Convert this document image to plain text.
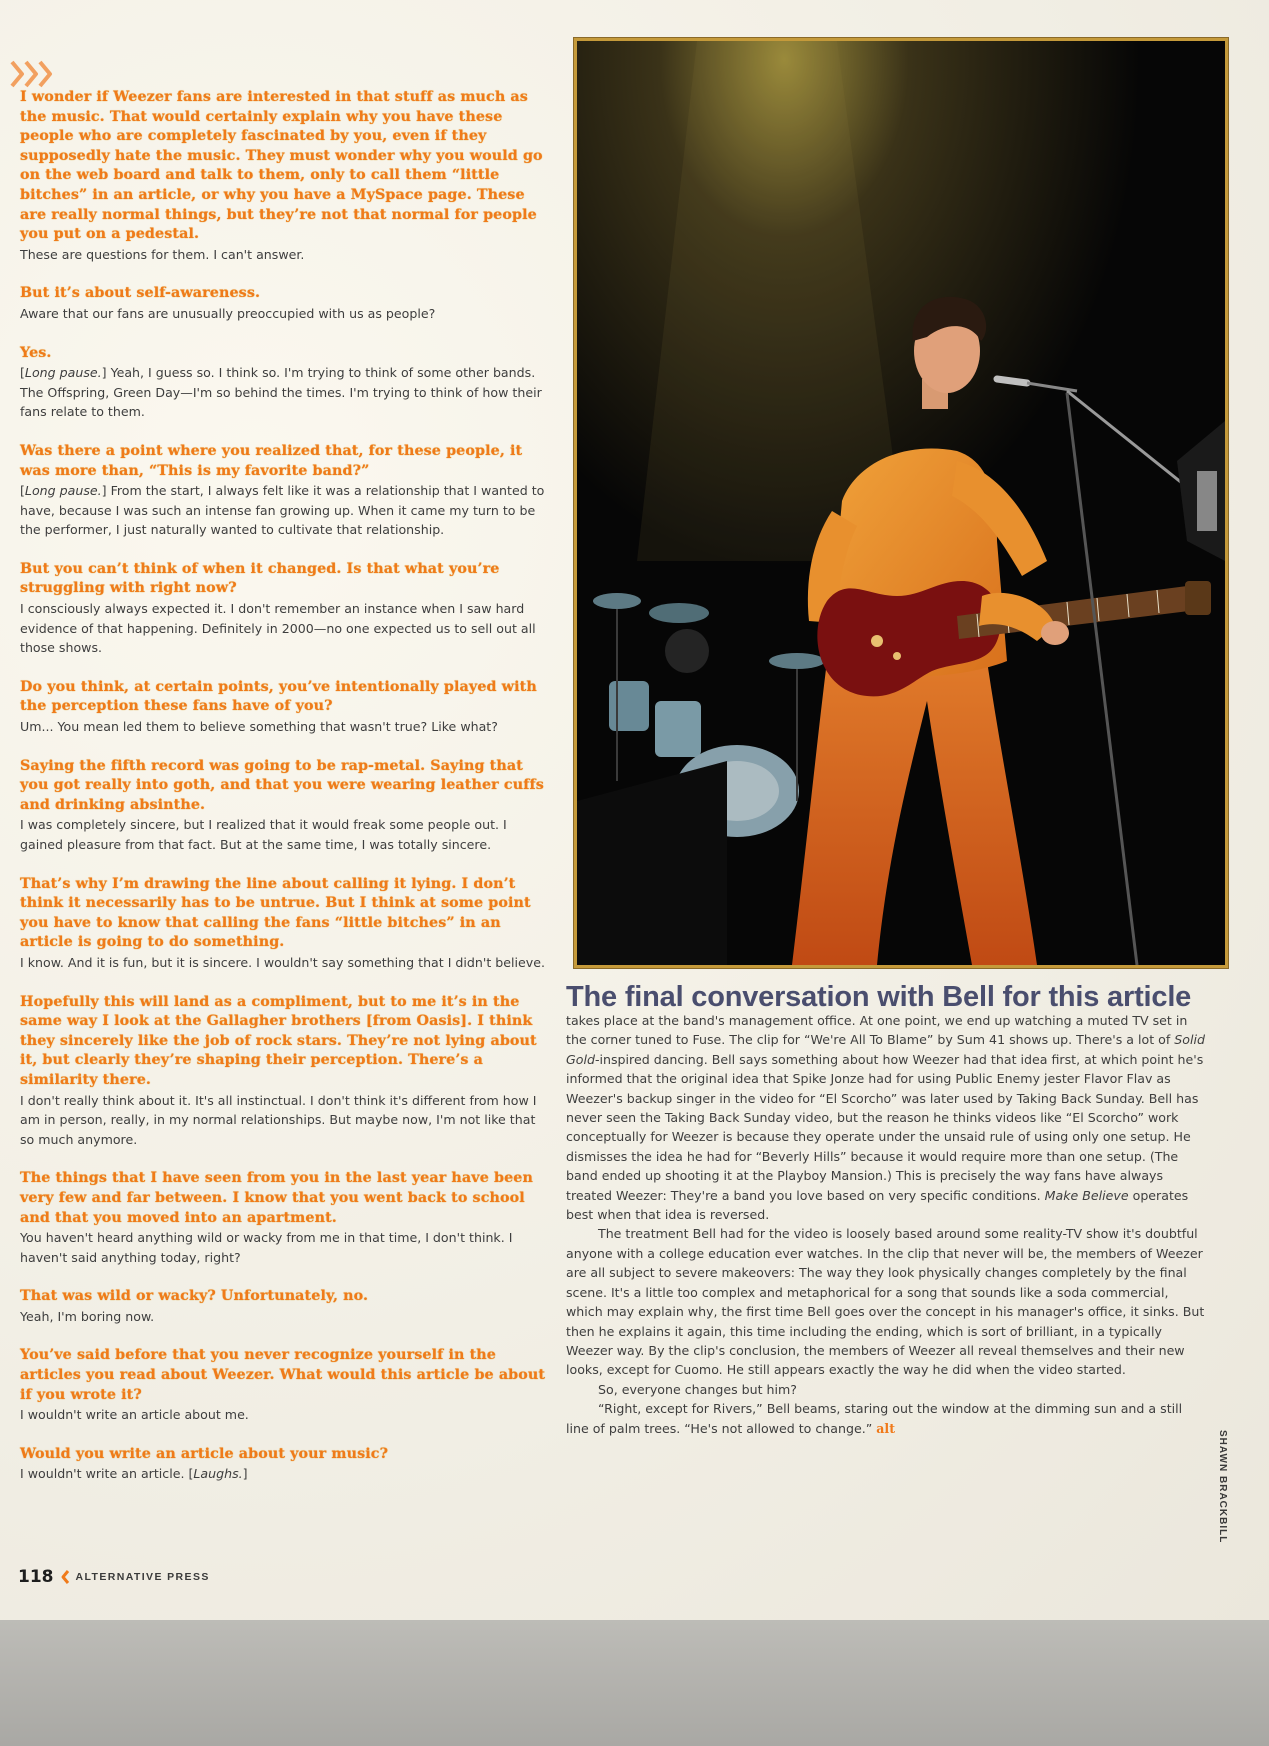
I wonder if Weezer fans are interested in that stuff as much as the music. That would certainly explain why you have these people who are completely fascinated by you, even if they supposedly hate the music. They must wonder why you would go on the web board and talk to them, only to call them “little bitches” in an article, or why you have a MySpace page. These are really normal things, but they’re not that normal for people you put on a pedestal.

These are questions for them. I can't answer.

But it’s about self-awareness.

Aware that our fans are unusually preoccupied with us as people?

Yes.

[Long pause.] Yeah, I guess so. I think so. I'm trying to think of some other bands. The Offspring, Green Day—I'm so behind the times. I'm trying to think of how their fans relate to them.

Was there a point where you realized that, for these people, it was more than, “This is my favorite band?”

[Long pause.] From the start, I always felt like it was a relationship that I wanted to have, because I was such an intense fan growing up. When it came my turn to be the performer, I just naturally wanted to cultivate that relationship.

But you can’t think of when it changed. Is that what you’re struggling with right now?

I consciously always expected it. I don't remember an instance when I saw hard evidence of that happening. Definitely in 2000—no one expected us to sell out all those shows.

Do you think, at certain points, you’ve intentionally played with the perception these fans have of you?

Um... You mean led them to believe something that wasn't true? Like what?

Saying the fifth record was going to be rap-metal. Saying that you got really into goth, and that you were wearing leather cuffs and drinking absinthe.

I was completely sincere, but I realized that it would freak some people out. I gained pleasure from that fact. But at the same time, I was totally sincere.

That’s why I’m drawing the line about calling it lying. I don’t think it necessarily has to be untrue. But I think at some point you have to know that calling the fans “little bitches” in an article is going to do something.

I know. And it is fun, but it is sincere. I wouldn't say something that I didn't believe.

Hopefully this will land as a compliment, but to me it’s in the same way I look at the Gallagher brothers [from Oasis]. I think they sincerely like the job of rock stars. They’re not lying about it, but clearly they’re shaping their perception. There’s a similarity there.

I don't really think about it. It's all instinctual. I don't think it's different from how I am in person, really, in my normal relationships. But maybe now, I'm not like that so much anymore.

The things that I have seen from you in the last year have been very few and far between. I know that you went back to school and that you moved into an apartment.

You haven't heard anything wild or wacky from me in that time, I don't think. I haven't said anything today, right?

That was wild or wacky? Unfortunately, no.

Yeah, I'm boring now.

You’ve said before that you never recognize yourself in the articles you read about Weezer. What would this article be about if you wrote it?

I wouldn't write an article about me.

Would you write an article about your music?

I wouldn't write an article. [Laughs.]

The final conversation with Bell for this article

takes place at the band's management office. At one point, we end up watching a muted TV set in the corner tuned to Fuse. The clip for “We're All To Blame” by Sum 41 shows up. There's a lot of Solid Gold-inspired dancing. Bell says something about how Weezer had that idea first, at which point he's informed that the original idea that Spike Jonze had for using Public Enemy jester Flavor Flav as Weezer's backup singer in the video for “El Scorcho” was later used by Taking Back Sunday. Bell has never seen the Taking Back Sunday video, but the reason he thinks videos like “El Scorcho” work conceptually for Weezer is because they operate under the unsaid rule of using only one setup. He dismisses the idea he had for “Beverly Hills” because it would require more than one setup. (The band ended up shooting it at the Playboy Mansion.) This is precisely the way fans have always treated Weezer: They're a band you love based on very specific conditions. Make Believe operates best when that idea is reversed.

The treatment Bell had for the video is loosely based around some reality-TV show it's doubtful anyone with a college education ever watches. In the clip that never will be, the members of Weezer are all subject to severe makeovers: The way they look physically changes completely by the final scene. It's a little too complex and metaphorical for a song that sounds like a soda commercial, which may explain why, the first time Bell goes over the concept in his manager's office, it sinks. But then he explains it again, this time including the ending, which is sort of brilliant, in a typically Weezer way. By the clip's conclusion, the members of Weezer all reveal themselves and their new looks, except for Cuomo. He still appears exactly the way he did when the video started.

So, everyone changes but him?

“Right, except for Rivers,” Bell beams, staring out the window at the dimming sun and a still line of palm trees. “He's not allowed to change.” alt

SHAWN BRACKBILL
118 ALTERNATIVE PRESS
